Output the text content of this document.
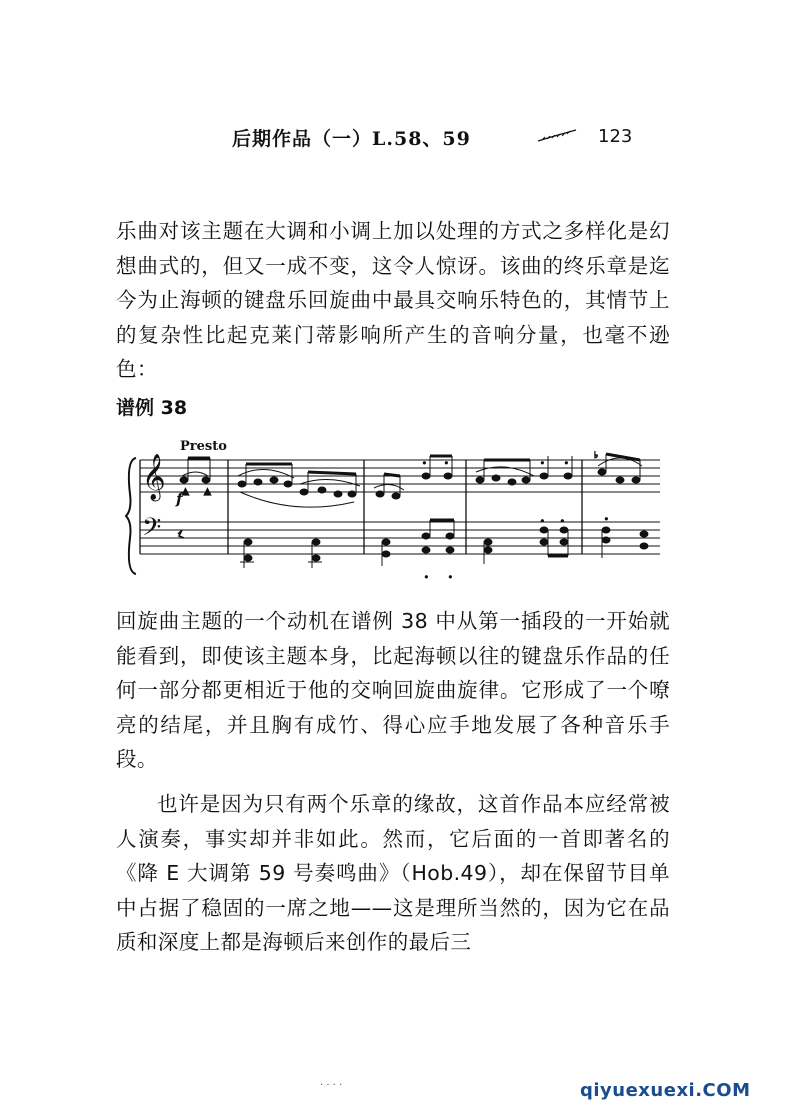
后期作品（一）L.58、59	123

乐曲对该主题在大调和小调上加以处理的方式之多样化是幻想曲式的，但又一成不变，这令人惊讶。该曲的终乐章是迄今为止海顿的键盘乐回旋曲中最具交响乐特色的，其情节上的复杂性比起克莱门蒂影响所产生的音响分量，也毫不逊色：

谱例 38
Presto
f
𝄞
𝄢
▲ ▲
• •
• •
• •
• •
♭
•

回旋曲主题的一个动机在谱例 38 中从第一插段的一开始就能看到，即使该主题本身，比起海顿以往的键盘乐作品的任何一部分都更相近于他的交响回旋曲旋律。它形成了一个嘹亮的结尾，并且胸有成竹、得心应手地发展了各种音乐手段。

也许是因为只有两个乐章的缘故，这首作品本应经常被人演奏，事实却并非如此。然而，它后面的一首即著名的《降 E 大调第 59 号奏鸣曲》（Hob.49），却在保留节目单中占据了稳固的一席之地——这是理所当然的，因为它在品质和深度上都是海顿后来创作的最后三

· · · ·	qiyuexuexi.COM
